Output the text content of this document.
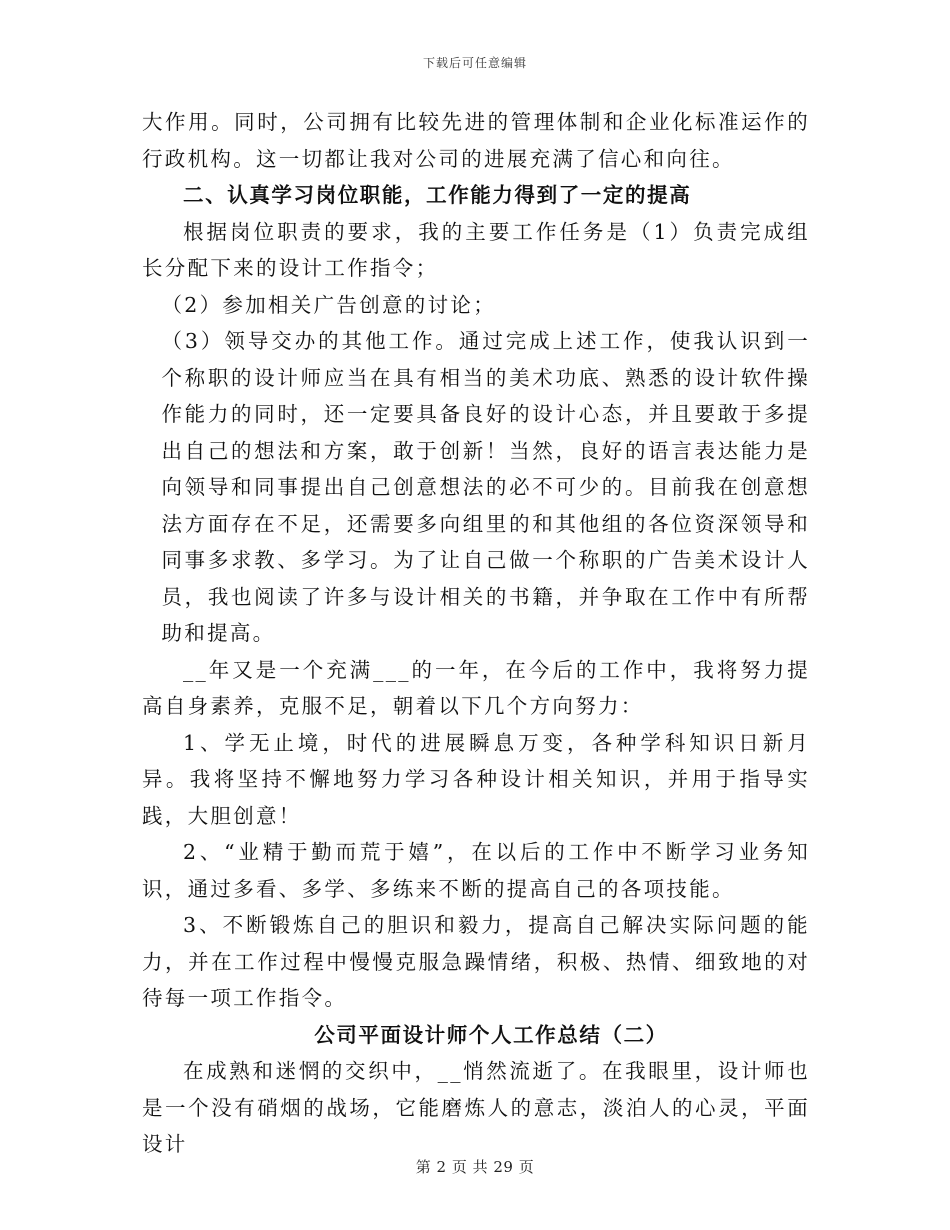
下载后可任意编辑

大作用。同时，公司拥有比较先进的管理体制和企业化标准运作的行政机构。这一切都让我对公司的进展充满了信心和向往。

二、认真学习岗位职能，工作能力得到了一定的提高

根据岗位职责的要求，我的主要工作任务是（1）负责完成组长分配下来的设计工作指令；

（2）参加相关广告创意的讨论；

（3）领导交办的其他工作。通过完成上述工作，使我认识到一个称职的设计师应当在具有相当的美术功底、熟悉的设计软件操作能力的同时，还一定要具备良好的设计心态，并且要敢于多提出自己的想法和方案，敢于创新！当然，良好的语言表达能力是向领导和同事提出自己创意想法的必不可少的。目前我在创意想法方面存在不足，还需要多向组里的和其他组的各位资深领导和同事多求教、多学习。为了让自己做一个称职的广告美术设计人员，我也阅读了许多与设计相关的书籍，并争取在工作中有所帮助和提高。

__年又是一个充满___的一年，在今后的工作中，我将努力提高自身素养，克服不足，朝着以下几个方向努力：

1、学无止境，时代的进展瞬息万变，各种学科知识日新月异。我将坚持不懈地努力学习各种设计相关知识，并用于指导实践，大胆创意！

2、“业精于勤而荒于嬉”，在以后的工作中不断学习业务知识，通过多看、多学、多练来不断的提高自己的各项技能。

3、不断锻炼自己的胆识和毅力，提高自己解决实际问题的能力，并在工作过程中慢慢克服急躁情绪，积极、热情、细致地的对待每一项工作指令。

公司平面设计师个人工作总结（二）

在成熟和迷惘的交织中，__悄然流逝了。在我眼里，设计师也是一个没有硝烟的战场，它能磨炼人的意志，淡泊人的心灵，平面设计

第 2 页 共 29 页
